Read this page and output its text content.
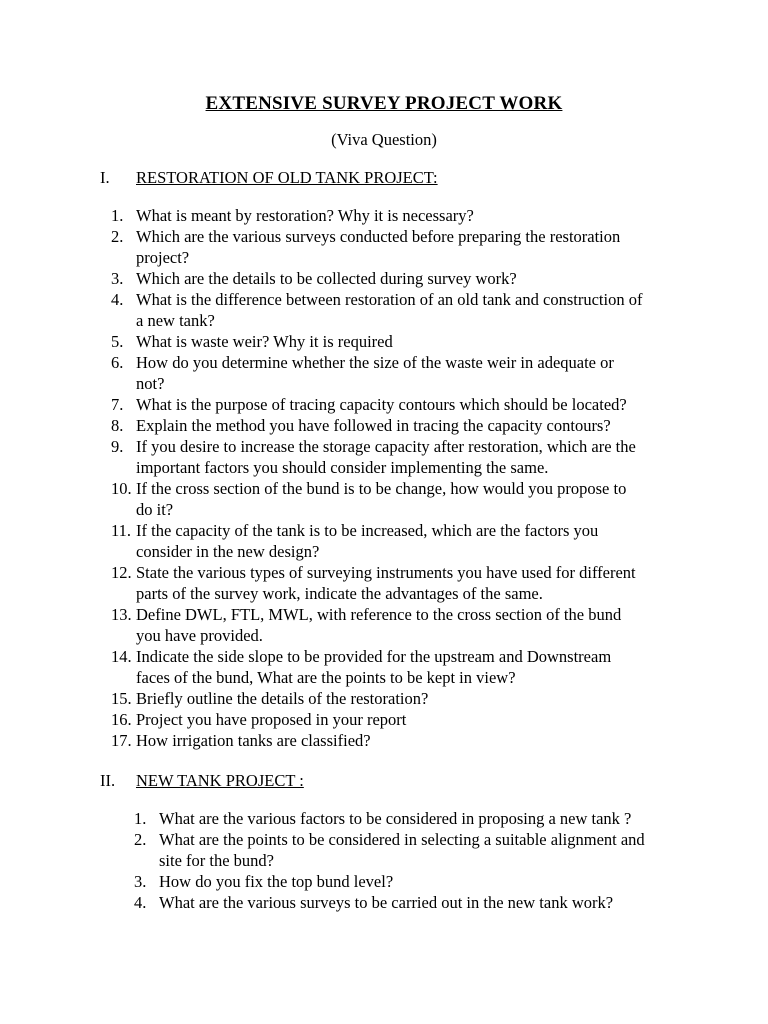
EXTENSIVE SURVEY PROJECT WORK
(Viva Question)
I. RESTORATION OF OLD TANK PROJECT:
1. What is meant by restoration? Why it is necessary?
2. Which are the various surveys conducted before preparing the restoration
project?
3. Which are the details to be collected during survey work?
4. What is the difference between restoration of an old tank and construction of
a new tank?
5. What is waste weir? Why it is required
6. How do you determine whether the size of the waste weir in adequate or
not?
7. What is the purpose of tracing capacity contours which should be located?
8. Explain the method you have followed in tracing the capacity contours?
9. If you desire to increase the storage capacity after restoration, which are the
important factors you should consider implementing the same.
10. If the cross section of the bund is to be change, how would you propose to
do it?
11. If the capacity of the tank is to be increased, which are the factors you
consider in the new design?
12. State the various types of surveying instruments you have used for different
parts of the survey work, indicate the advantages of the same.
13. Define DWL, FTL, MWL, with reference to the cross section of the bund
you have provided.
14. Indicate the side slope to be provided for the upstream and Downstream
faces of the bund, What are the points to be kept in view?
15. Briefly outline the details of the restoration?
16. Project you have proposed in your report
17. How irrigation tanks are classified?
II. NEW TANK PROJECT :
1. What are the various factors to be considered in proposing a new tank ?
2. What are the points to be considered in selecting a suitable alignment and
site for the bund?
3. How do you fix the top bund level?
4. What are the various surveys to be carried out in the new tank work?
